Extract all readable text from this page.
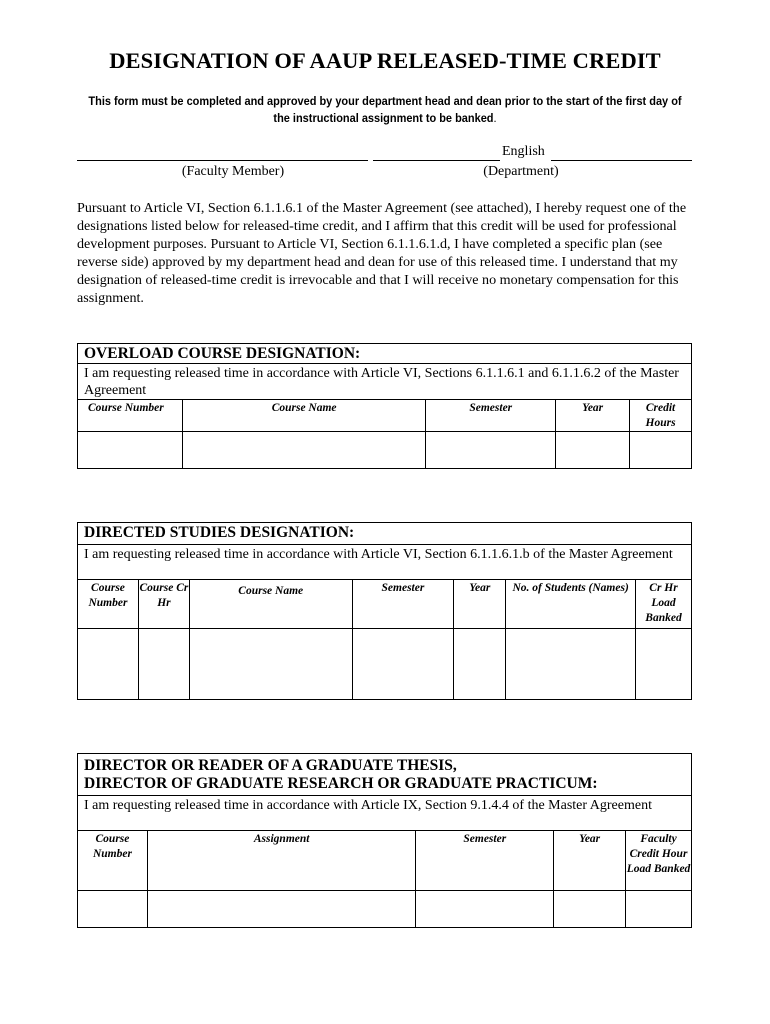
DESIGNATION OF AAUP RELEASED-TIME CREDIT
This form must be completed and approved by your department head and dean prior to the start of the first day of the instructional assignment to be banked.
English
(Faculty Member)	(Department)

Pursuant to Article VI, Section 6.1.1.6.1 of the Master Agreement (see attached), I hereby request one of the designations listed below for released-time credit, and I affirm that this credit will be used for professional development purposes. Pursuant to Article VI, Section 6.1.1.6.1.d, I have completed a specific plan (see reverse side) approved by my department head and dean for use of this released time. I understand that my designation of released-time credit is irrevocable and that I will receive no monetary compensation for this assignment.

OVERLOAD COURSE DESIGNATION:				
I am requesting released time in accordance with Article VI, Sections 6.1.1.6.1 and 6.1.1.6.2 of the Master Agreement				
Course Number	Course Name	Semester	Year	Credit Hours

DIRECTED STUDIES DESIGNATION:						
I am requesting released time in accordance with Article VI, Section 6.1.1.6.1.b of the Master Agreement						
Course Number	Course Cr Hr	Course Name	Semester	Year	No. of Students (Names)	Cr Hr Load Banked

DIRECTOR OR READER OF A GRADUATE THESIS,
DIRECTOR OF GRADUATE RESEARCH OR GRADUATE PRACTICUM:				

I am requesting released time in accordance with Article IX, Section 9.1.4.4 of the Master Agreement				
Course Number	Assignment	Semester	Year	Faculty Credit Hour Load Banked
